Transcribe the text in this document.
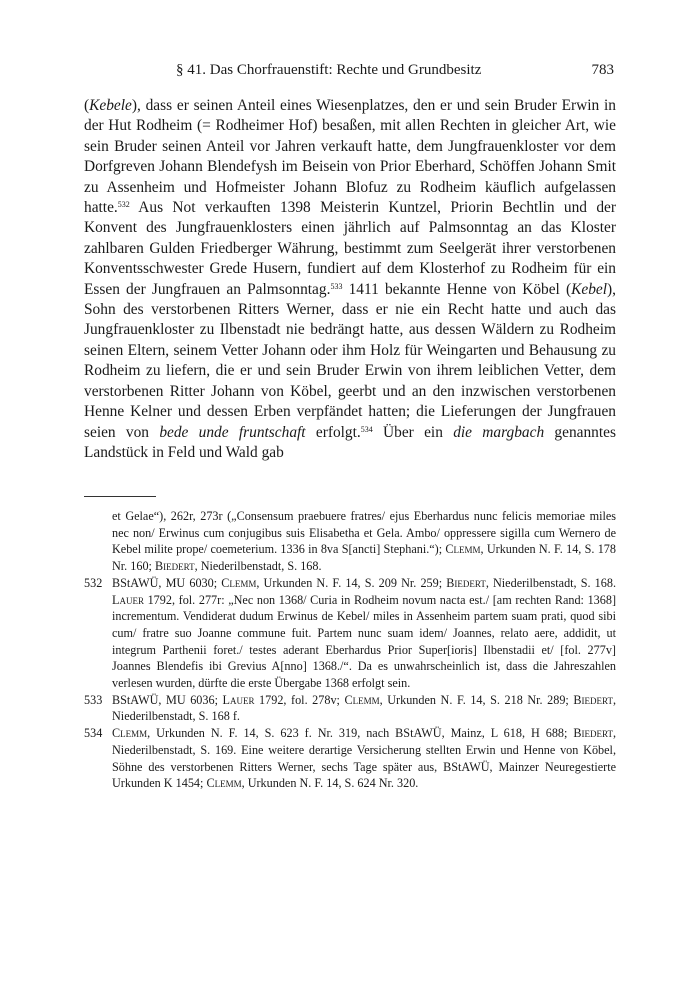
§ 41. Das Chorfrauenstift: Rechte und Grundbesitz	783

(Kebele), dass er seinen Anteil eines Wiesenplatzes, den er und sein Bruder Erwin in der Hut Rodheim (= Rodheimer Hof) besaßen, mit allen Rechten in gleicher Art, wie sein Bruder seinen Anteil vor Jahren verkauft hatte, dem Jungfrauenkloster vor dem Dorfgreven Johann Blendefysh im Beisein von Prior Eberhard, Schöffen Johann Smit zu Assenheim und Hofmeister Johann Blofuz zu Rodheim käuflich aufgelassen hatte.$^{532}$ Aus Not verkauften 1398 Meisterin Kuntzel, Priorin Bechtlin und der Konvent des Jungfrauenklosters einen jährlich auf Palmsonntag an das Kloster zahlbaren Gulden Friedberger Währung, bestimmt zum Seelgerät ihrer verstorbenen Konventsschwester Grede Husern, fundiert auf dem Klosterhof zu Rodheim für ein Essen der Jungfrauen an Palmsonntag.$^{533}$ 1411 bekannte Henne von Köbel (Kebel), Sohn des verstorbenen Ritters Werner, dass er nie ein Recht hatte und auch das Jungfrauenkloster zu Ilbenstadt nie bedrängt hatte, aus dessen Wäldern zu Rodheim seinen Eltern, seinem Vetter Johann oder ihm Holz für Weingarten und Behausung zu Rodheim zu liefern, die er und sein Bruder Erwin von ihrem leiblichen Vetter, dem verstorbenen Ritter Johann von Köbel, geerbt und an den inzwischen verstorbenen Henne Kelner und dessen Erben verpfändet hatten; die Lieferungen der Jungfrauen seien von bede unde fruntschaft erfolgt.$^{534}$ Über ein die margbach genanntes Landstück in Feld und Wald gab

et Gelae“), 262r, 273r („Consensum praebuere fratres/ ejus Eberhardus nunc felicis memoriae miles nec non/ Erwinus cum conjugibus suis Elisabetha et Gela. Ambo/ oppressere sigilla cum Wernero de Kebel milite prope/ coemeterium. 1336 in 8va S[ancti] Stephani.“); Clemm, Urkunden N. F. 14, S. 178 Nr. 160; Biedert, Niederilbenstadt, S. 168.

532 BStAWÜ, MU 6030; Clemm, Urkunden N. F. 14, S. 209 Nr. 259; Biedert, Niederilbenstadt, S. 168. Lauer 1792, fol. 277r: „Nec non 1368/ Curia in Rodheim novum nacta est./ [am rechten Rand: 1368] incrementum. Vendiderat dudum Erwinus de Kebel/ miles in Assenheim partem suam prati, quod sibi cum/ fratre suo Joanne commune fuit. Partem nunc suam idem/ Joannes, relato aere, addidit, ut integrum Parthenii foret./ testes aderant Eberhardus Prior Super[ioris] Ilbenstadii et/ [fol. 277v] Joannes Blendefis ibi Grevius A[nno] 1368./“. Da es unwahrscheinlich ist, dass die Jahreszahlen verlesen wurden, dürfte die erste Übergabe 1368 erfolgt sein.

533 BStAWÜ, MU 6036; Lauer 1792, fol. 278v; Clemm, Urkunden N. F. 14, S. 218 Nr. 289; Biedert, Niederilbenstadt, S. 168 f.

534 Clemm, Urkunden N. F. 14, S. 623 f. Nr. 319, nach BStAWÜ, Mainz, L 618, H 688; Biedert, Niederilbenstadt, S. 169. Eine weitere derartige Versicherung stellten Erwin und Henne von Köbel, Söhne des verstorbenen Ritters Werner, sechs Tage später aus, BStAWÜ, Mainzer Neuregestierte Urkunden K 1454; Clemm, Urkunden N. F. 14, S. 624 Nr. 320.
